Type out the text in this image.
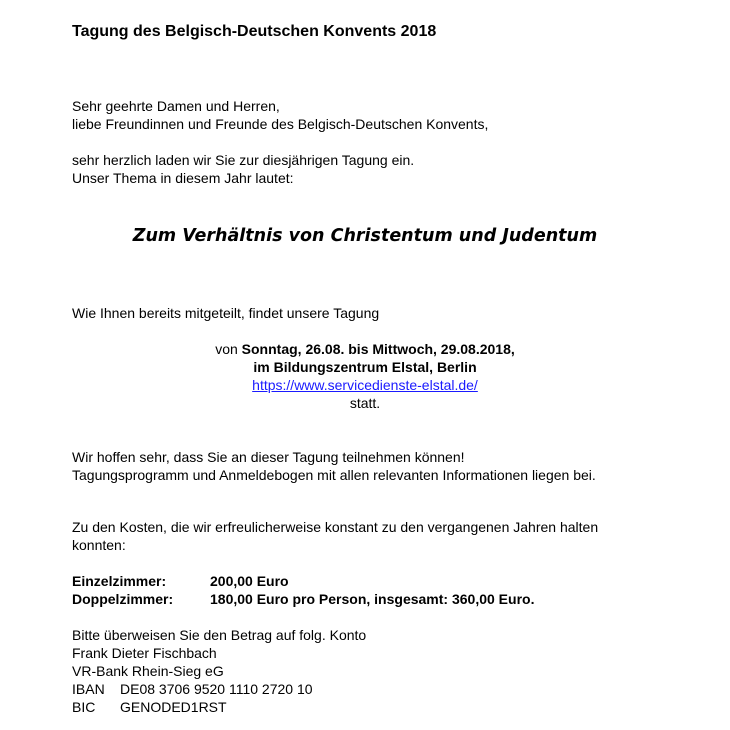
Tagung des Belgisch-Deutschen Konvents 2018

Sehr geehrte Damen und Herren,

liebe Freundinnen und Freunde des Belgisch-Deutschen Konvents,

sehr herzlich laden wir Sie zur diesjährigen Tagung ein.

Unser Thema in diesem Jahr lautet:

Zum Verhältnis von Christentum und Judentum

Wie Ihnen bereits mitgeteilt, findet unsere Tagung

von Sonntag, 26.08. bis Mittwoch, 29.08.2018,

im Bildungszentrum Elstal, Berlin

https://www.servicedienste-elstal.de/

statt.

Wir hoffen sehr, dass Sie an dieser Tagung teilnehmen können!

Tagungsprogramm und Anmeldebogen mit allen relevanten Informationen liegen bei.

Zu den Kosten, die wir erfreulicherweise konstant zu den vergangenen Jahren halten

konnten:

Einzelzimmer:	200,00 Euro

Doppelzimmer:	180,00 Euro pro Person, insgesamt: 360,00 Euro.

Bitte überweisen Sie den Betrag auf folg. Konto

Frank Dieter Fischbach

VR-Bank Rhein-Sieg eG

IBAN DE08 3706 9520 1110 2720 10

BIC GENODED1RST
